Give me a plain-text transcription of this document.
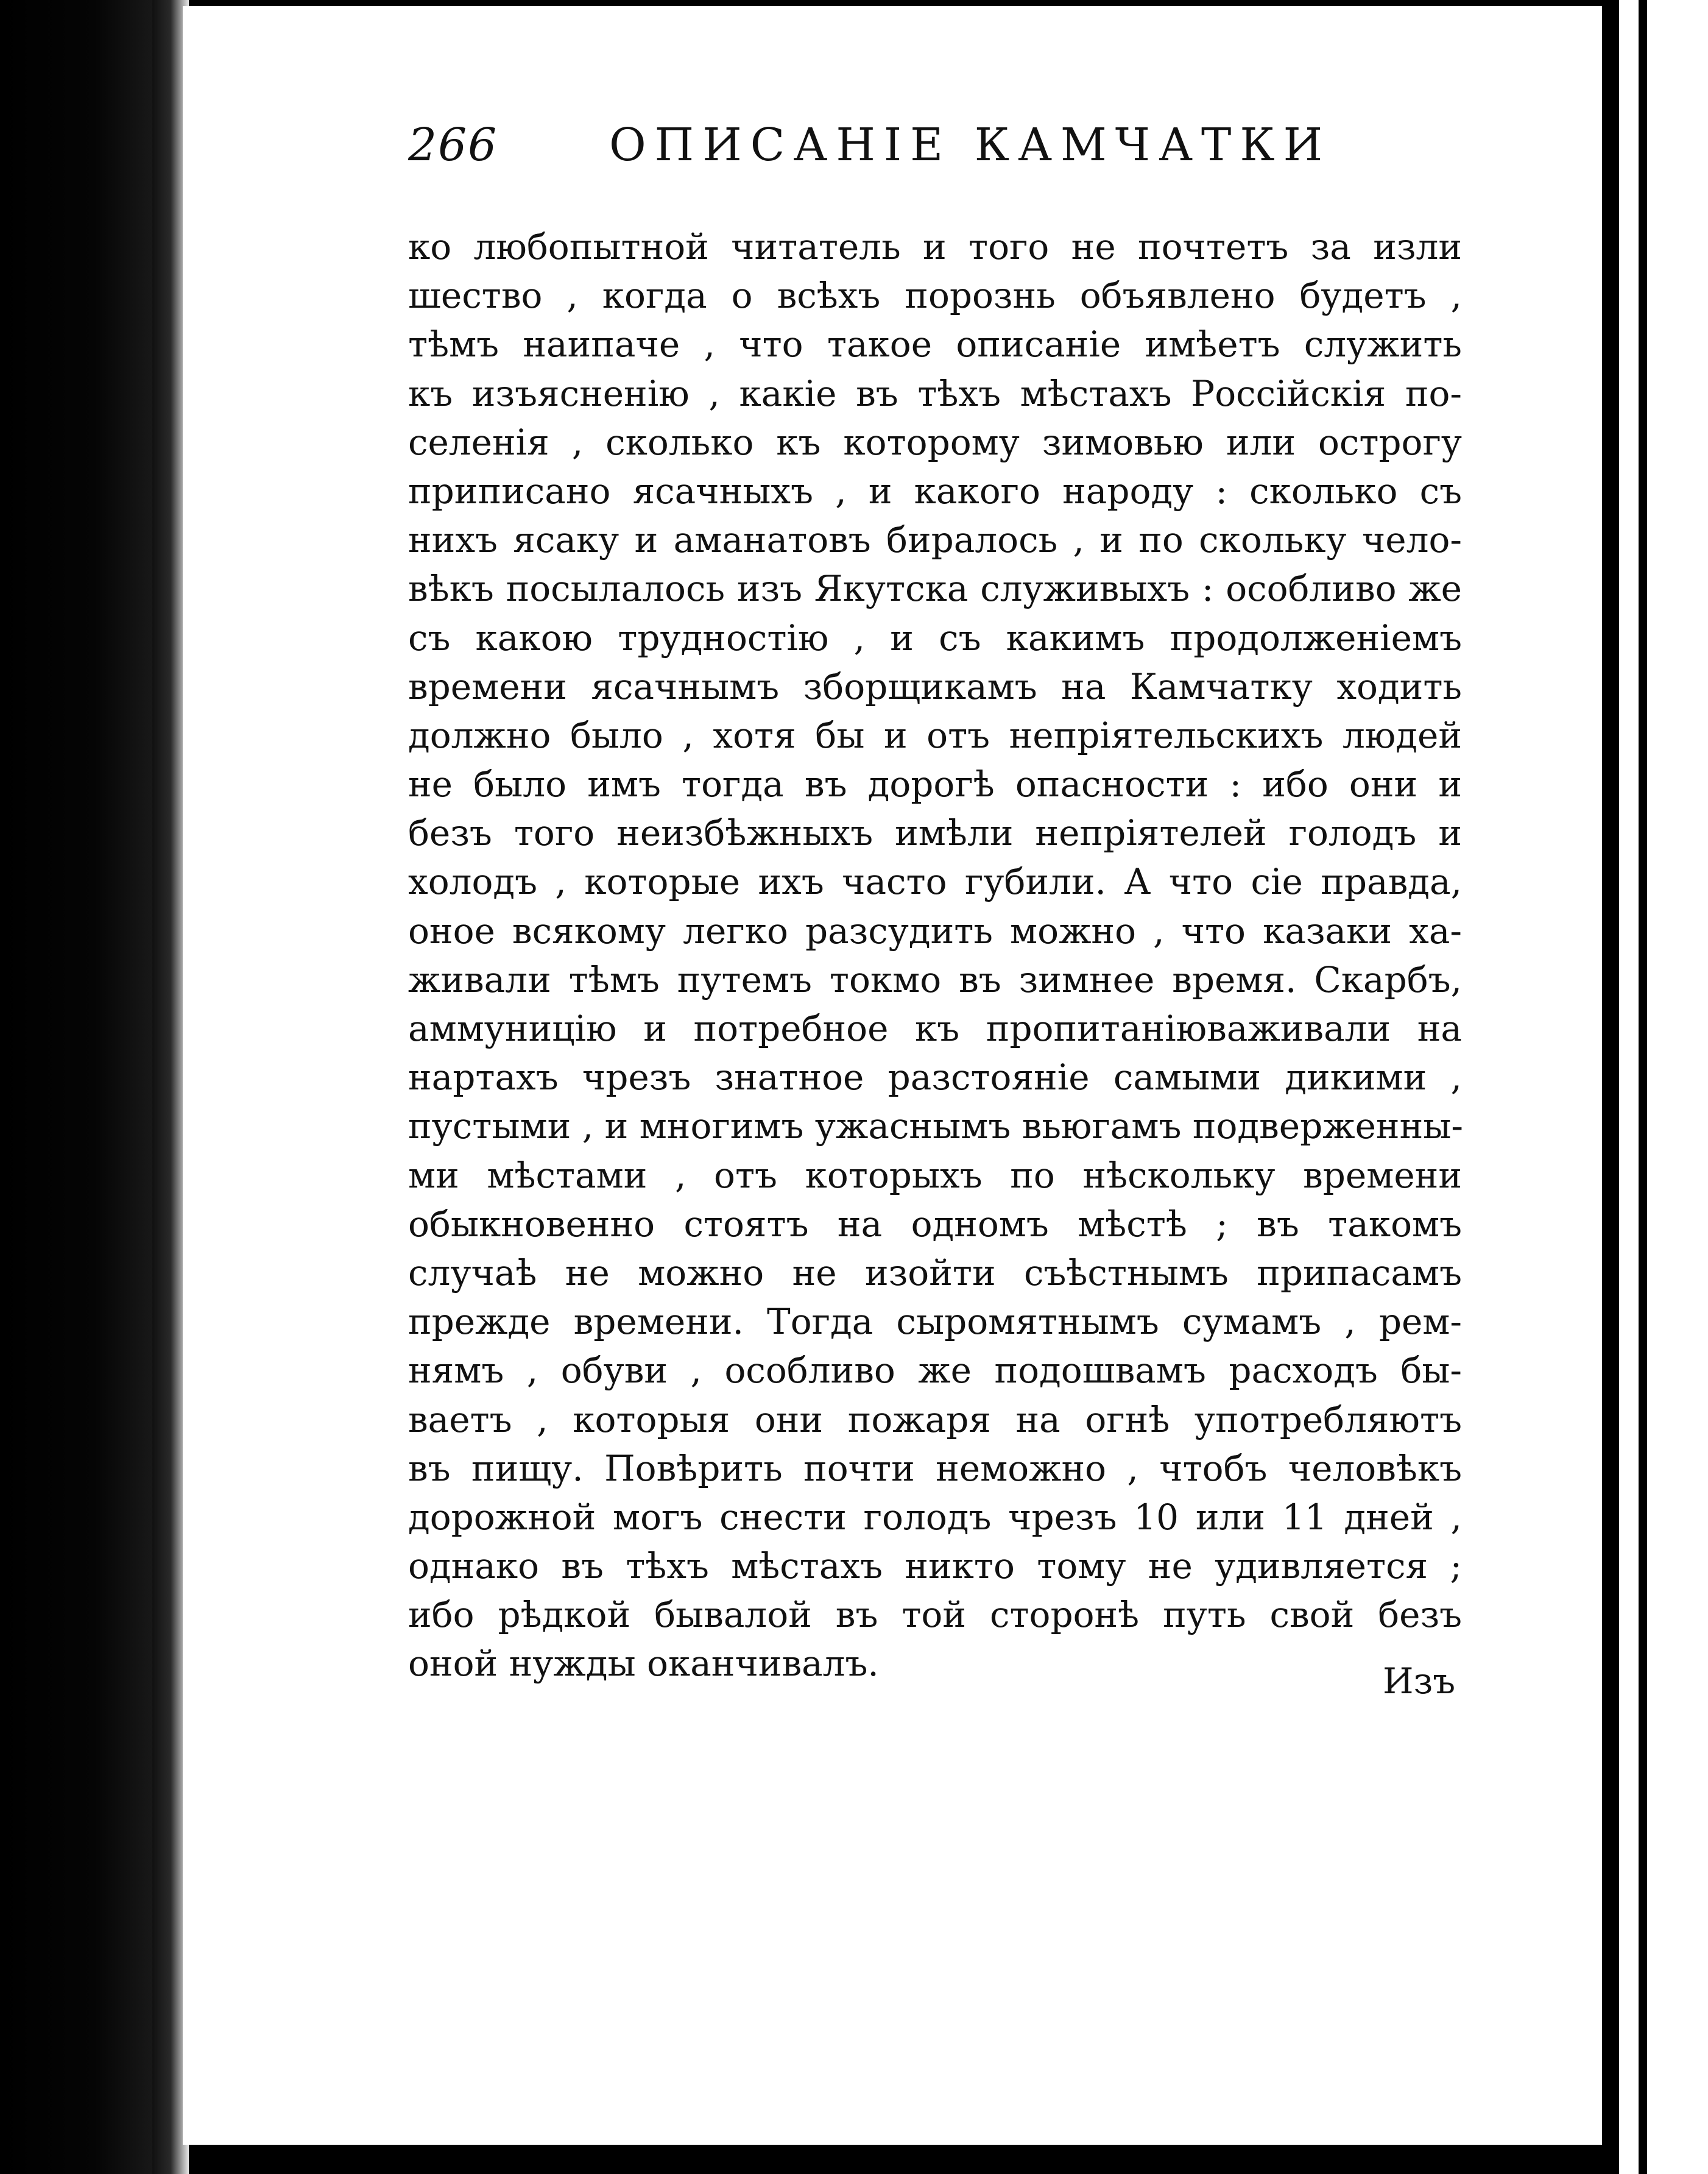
266 ОПИСАНІЕ КАМЧАТКИ
ко любопытной читатель и того не почтетъ за изли
шество , когда о всѣхъ порознь объявлено будетъ ,
тѣмъ наипаче , что такое описаніе имѣетъ служить
къ изъясненію , какіе въ тѣхъ мѣстахъ Россійскія по-
селенія , сколько къ которому зимовью или острогу
приписано ясачныхъ , и какого народу : сколько съ
нихъ ясаку и аманатовъ биралось , и по скольку чело-
вѣкъ посылалось изъ Якутска служивыхъ : особливо же
съ какою трудностію , и съ какимъ продолженіемъ
времени ясачнымъ зборщикамъ на Камчатку ходить
должно было , хотя бы и отъ непріятельскихъ людей
не было имъ тогда въ дорогѣ опасности : ибо они и
безъ того неизбѣжныхъ имѣли непріятелей голодъ и
холодъ , которые ихъ часто губили. А что сіе правда,
оное всякому легко разсудить можно , что казаки ха-
живали тѣмъ путемъ токмо въ зимнее время. Скарбъ,
аммуницію и потребное къ пропитаніюваживали на
нартахъ чрезъ знатное разстояніе самыми дикими ,
пустыми , и многимъ ужаснымъ вьюгамъ подверженны-
ми мѣстами , отъ которыхъ по нѣскольку времени
обыкновенно стоятъ на одномъ мѣстѣ ; въ такомъ
случаѣ не можно не изойти съѣстнымъ припасамъ
прежде времени. Тогда сыромятнымъ сумамъ , рем-
нямъ , обуви , особливо же подошвамъ расходъ бы-
ваетъ , которыя они пожаря на огнѣ употребляютъ
въ пищу. Повѣрить почти неможно , чтобъ человѣкъ
дорожной могъ снести голодъ чрезъ 10 или 11 дней ,
однако въ тѣхъ мѣстахъ никто тому не удивляется ;
ибо рѣдкой бывалой въ той сторонѣ путь свой безъ
оной нужды оканчивалъ.	Изъ
